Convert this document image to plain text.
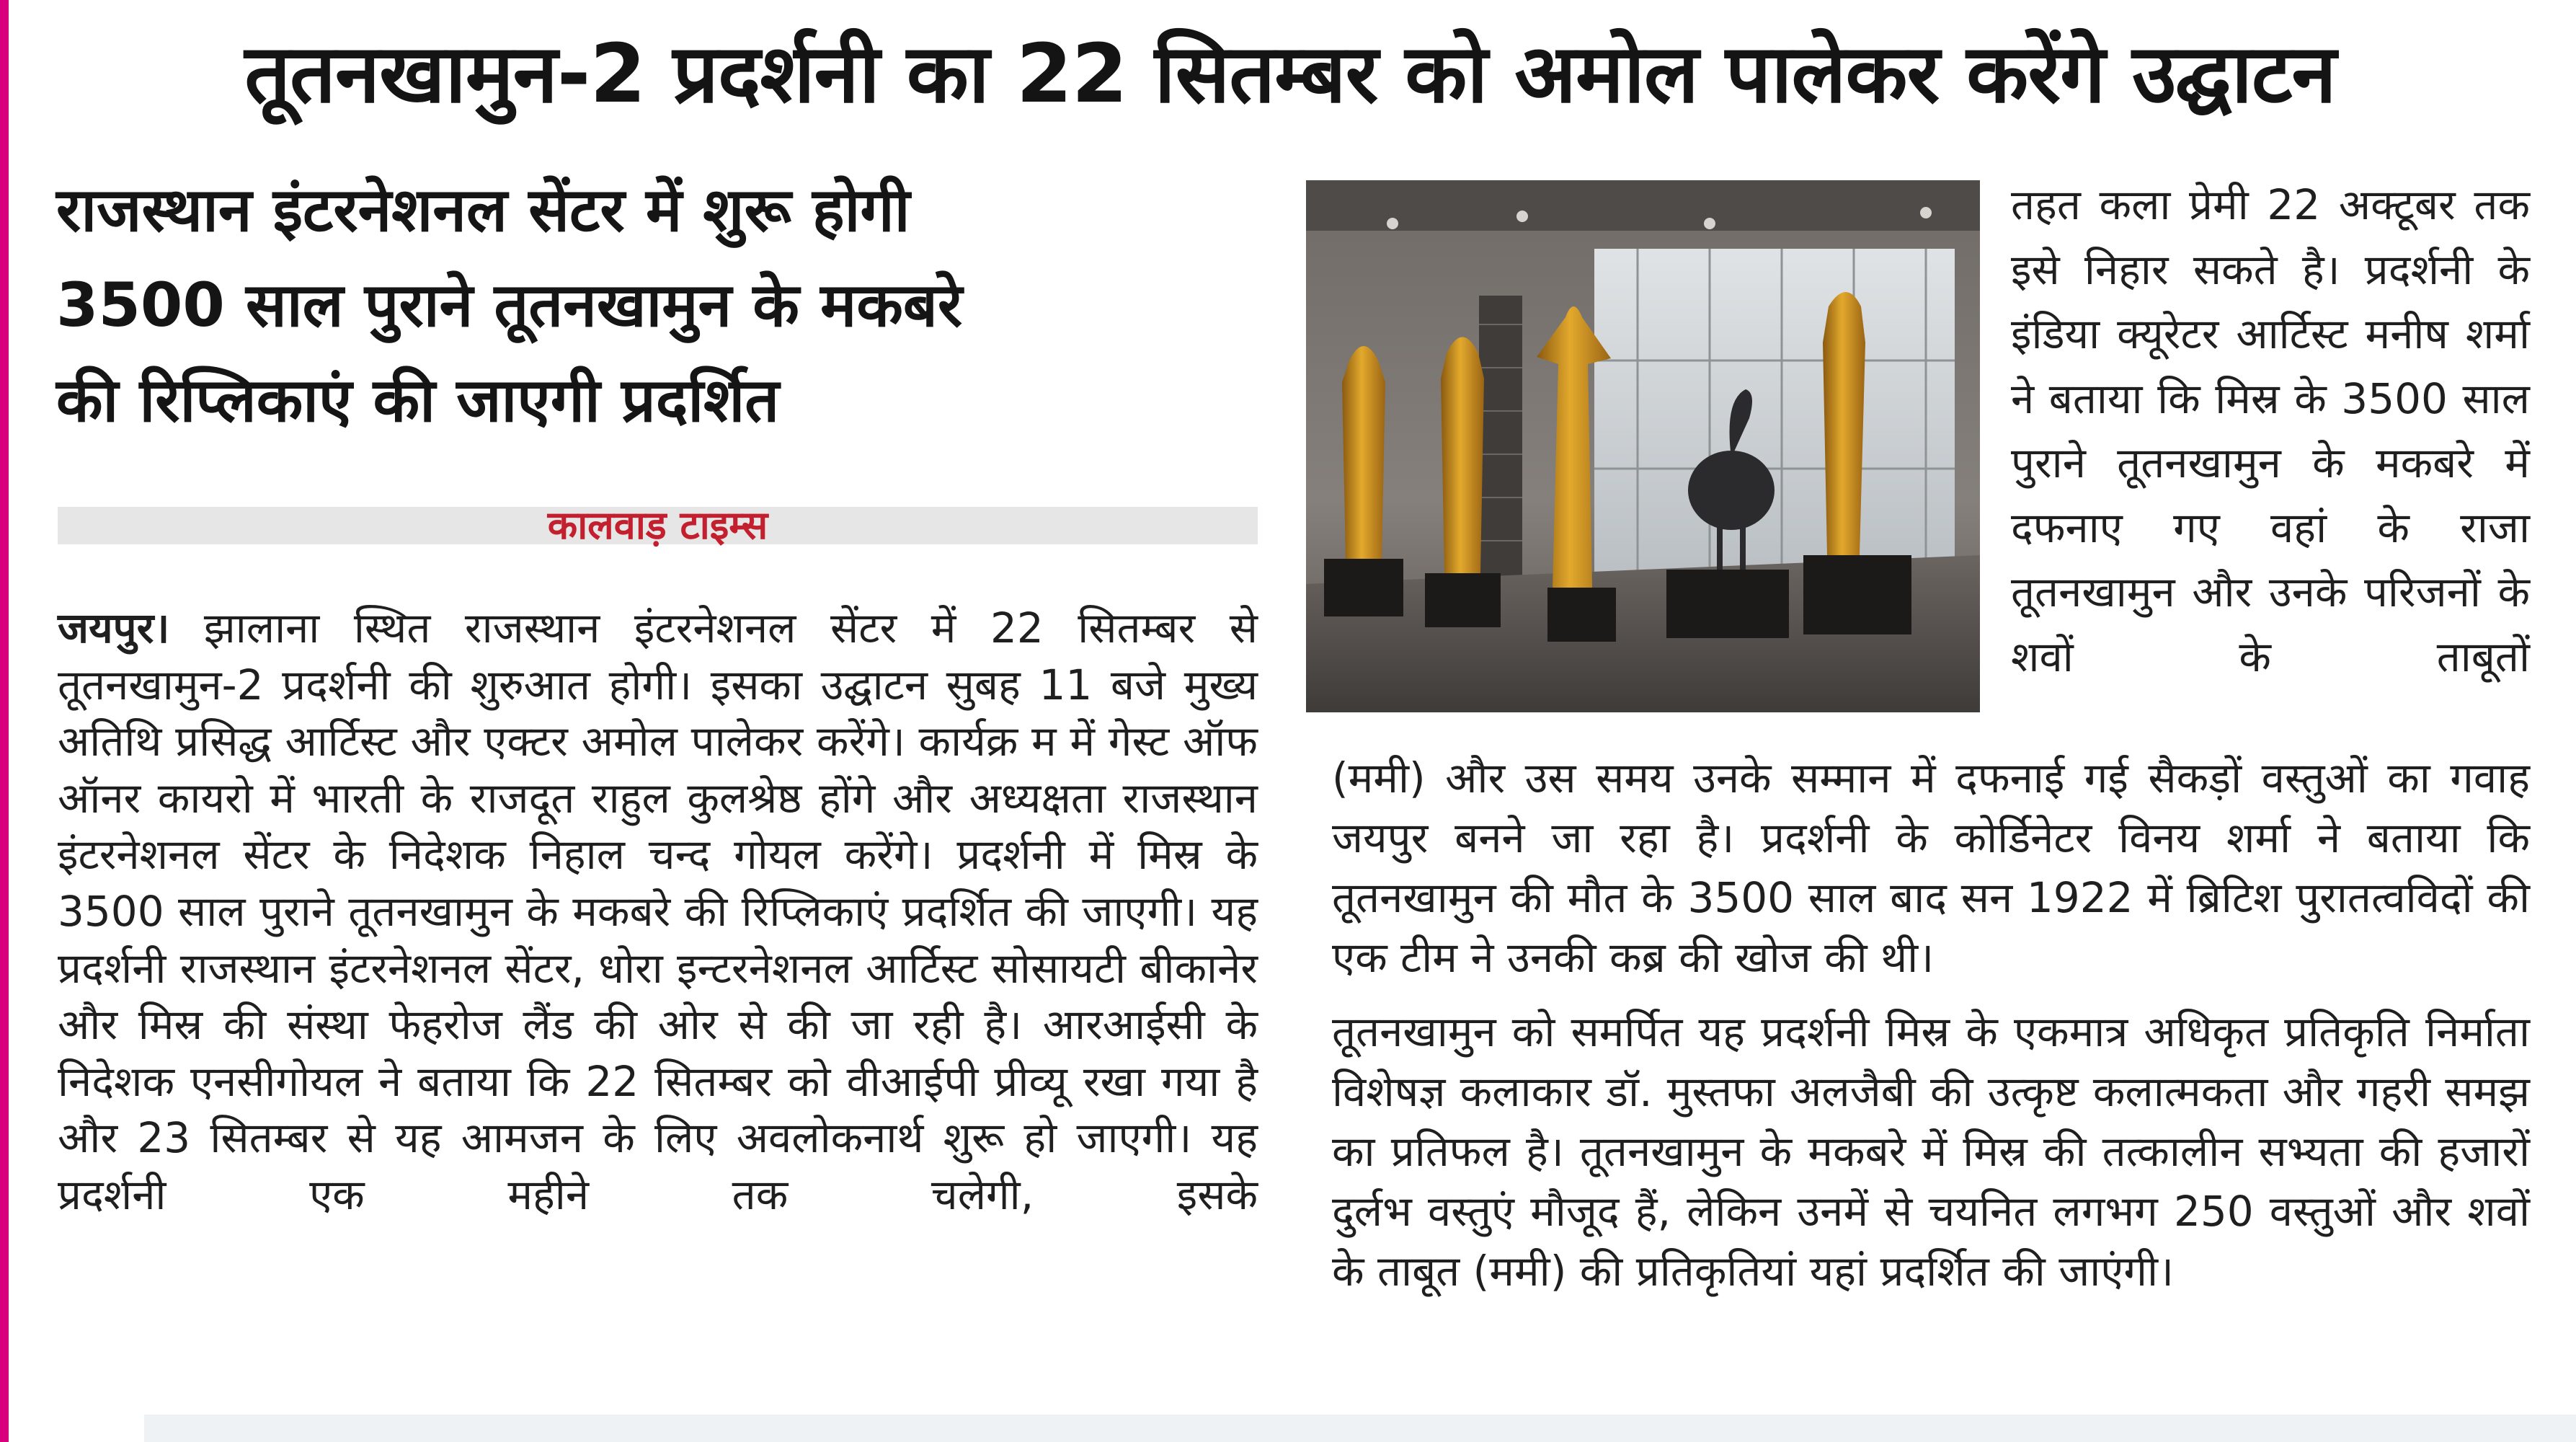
तूतनखामुन-2 प्रदर्शनी का 22 सितम्बर को अमोल पालेकर करेंगे उद्घाटन
राजस्थान इंटरनेशनल सेंटर में शुरू होगी
3500 साल पुराने तूतनखामुन के मकबरे
की रिप्लिकाएं की जाएगी प्रदर्शित
कालवाड़ टाइम्स
जयपुर। झालाना स्थित राजस्थान इंटरनेशनल सेंटर में 22 सितम्बर से तूतनखामुन-2 प्रदर्शनी की शुरुआत होगी। इसका उद्घाटन सुबह 11 बजे मुख्य अतिथि प्रसिद्ध आर्टिस्ट और एक्टर अमोल पालेकर करेंगे। कार्यक्र म में गेस्ट ऑफ ऑनर कायरो में भारती के राजदूत राहुल कुलश्रेष्ठ होंगे और अध्यक्षता राजस्थान इंटरनेशनल सेंटर के निदेशक निहाल चन्द गोयल करेंगे। प्रदर्शनी में मिस्र के 3500 साल पुराने तूतनखामुन के मकबरे की रिप्लिकाएं प्रदर्शित की जाएगी। यह प्रदर्शनी राजस्थान इंटरनेशनल सेंटर, धोरा इन्टरनेशनल आर्टिस्ट सोसायटी बीकानेर और मिस्र की संस्था फेहरोज लैंड की ओर से की जा रही है। आरआईसी के निदेशक एनसीगोयल ने बताया कि 22 सितम्बर को वीआईपी प्रीव्यू रखा गया है और 23 सितम्बर से यह आमजन के लिए अवलोकनार्थ शुरू हो जाएगी। यह प्रदर्शनी एक महीने तक चलेगी, इसके
तहत कला प्रेमी 22 अक्टूबर तक इसे निहार सकते है। प्रदर्शनी के इंडिया क्यूरेटर आर्टिस्ट मनीष शर्मा ने बताया कि मिस्र के 3500 साल पुराने तूतनखामुन के मकबरे में दफनाए गए वहां के राजा तूतनखामुन और उनके परिजनों के शवों के ताबूतों
(ममी) और उस समय उनके सम्मान में दफनाई गई सैकड़ों वस्तुओं का गवाह जयपुर बनने जा रहा है। प्रदर्शनी के कोर्डिनेटर विनय शर्मा ने बताया कि तूतनखामुन की मौत के 3500 साल बाद सन 1922 में ब्रिटिश पुरातत्वविदों की एक टीम ने उनकी कब्र की खोज की थी।
तूतनखामुन को समर्पित यह प्रदर्शनी मिस्र के एकमात्र अधिकृत प्रतिकृति निर्माता विशेषज्ञ कलाकार डॉ. मुस्तफा अलजैबी की उत्कृष्ट कलात्मकता और गहरी समझ का प्रतिफल है। तूतनखामुन के मकबरे में मिस्र की तत्कालीन सभ्यता की हजारों दुर्लभ वस्तुएं मौजूद हैं, लेकिन उनमें से चयनित लगभग 250 वस्तुओं और शवों के ताबूत (ममी) की प्रतिकृतियां यहां प्रदर्शित की जाएंगी।
